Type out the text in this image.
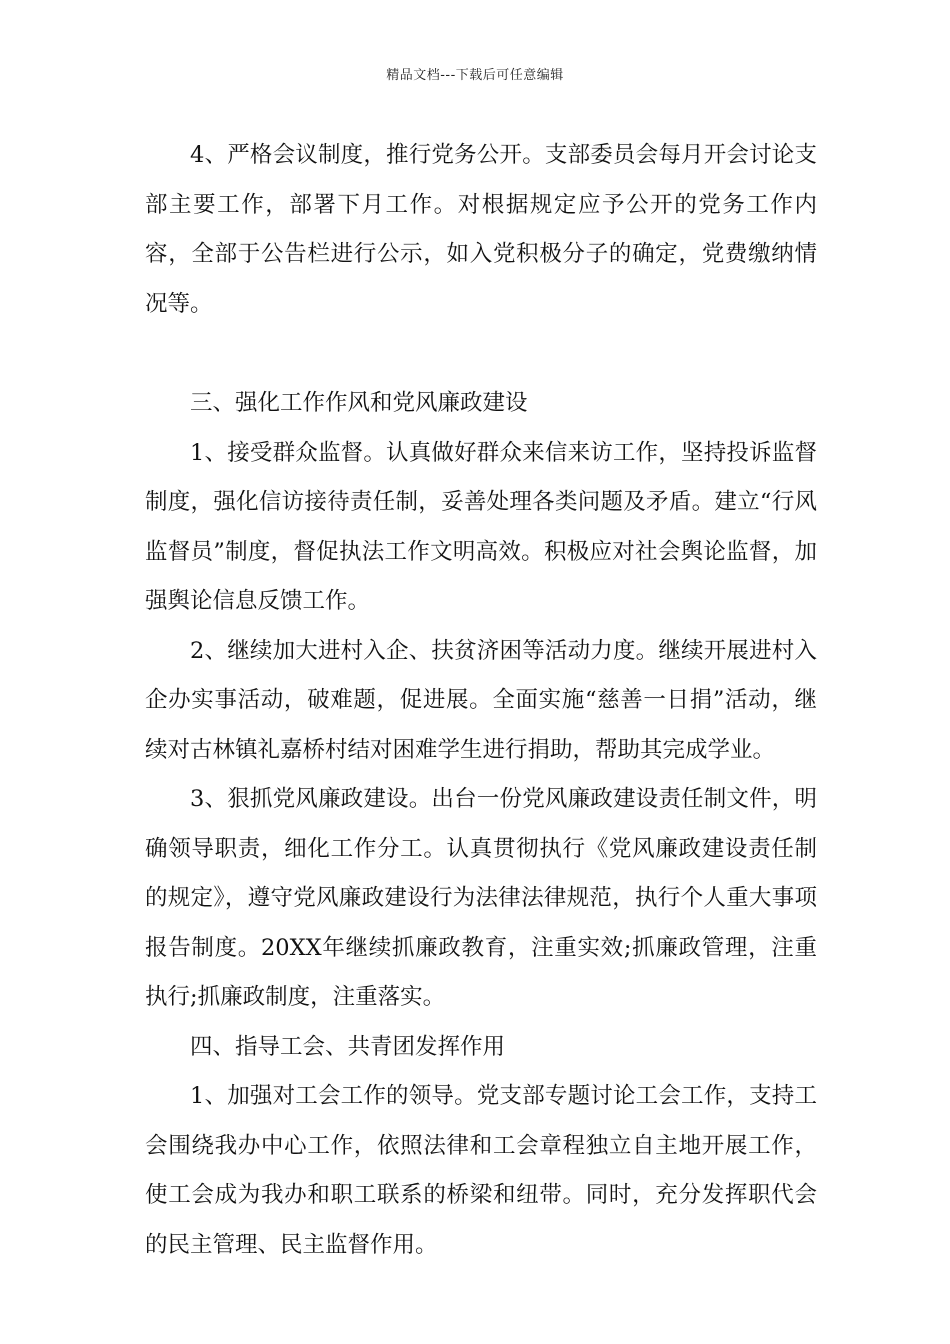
精品文档---下载后可任意编辑

4、严格会议制度，推行党务公开。支部委员会每月开会讨论支部主要工作，部署下月工作。对根据规定应予公开的党务工作内容，全部于公告栏进行公示，如入党积极分子的确定，党费缴纳情况等。

三、强化工作作风和党风廉政建设

1、接受群众监督。认真做好群众来信来访工作，坚持投诉监督制度，强化信访接待责任制，妥善处理各类问题及矛盾。建立“行风监督员”制度，督促执法工作文明高效。积极应对社会舆论监督，加强舆论信息反馈工作。

2、继续加大进村入企、扶贫济困等活动力度。继续开展进村入企办实事活动，破难题，促进展。全面实施“慈善一日捐”活动，继续对古林镇礼嘉桥村结对困难学生进行捐助，帮助其完成学业。

3、狠抓党风廉政建设。出台一份党风廉政建设责任制文件，明确领导职责，细化工作分工。认真贯彻执行《党风廉政建设责任制的规定》，遵守党风廉政建设行为法律法律规范，执行个人重大事项报告制度。20XX年继续抓廉政教育，注重实效;抓廉政管理，注重执行;抓廉政制度，注重落实。

四、指导工会、共青团发挥作用

1、加强对工会工作的领导。党支部专题讨论工会工作，支持工会围绕我办中心工作，依照法律和工会章程独立自主地开展工作，使工会成为我办和职工联系的桥梁和纽带。同时，充分发挥职代会的民主管理、民主监督作用。
